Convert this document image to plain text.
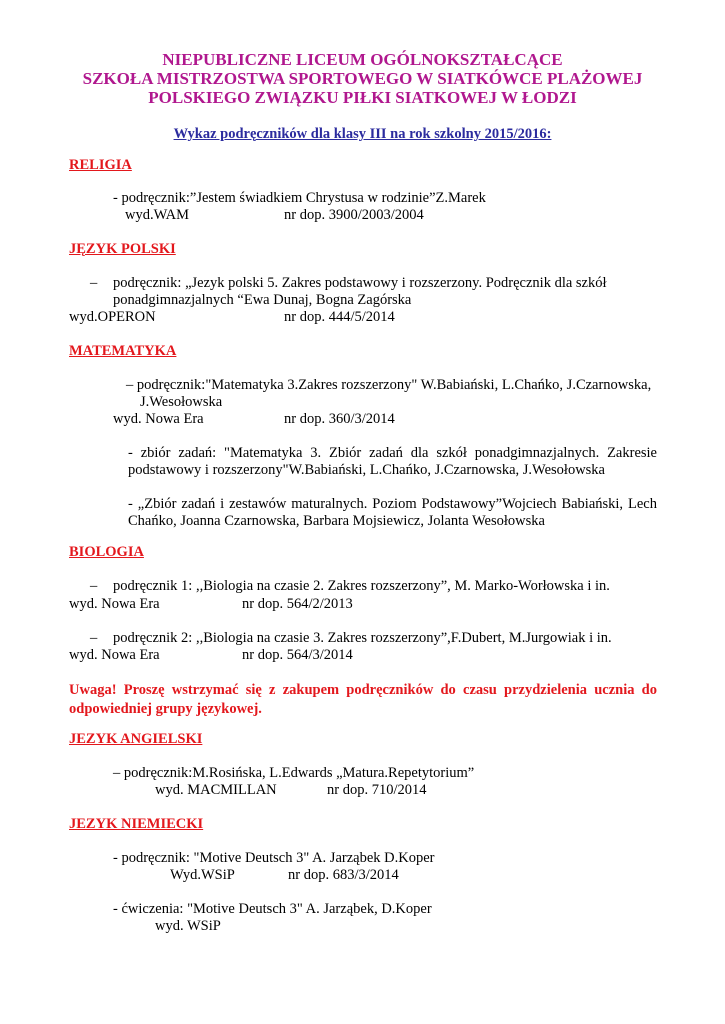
NIEPUBLICZNE LICEUM OGÓLNOKSZTAŁCĄCE
SZKOŁA MISTRZOSTWA SPORTOWEGO W SIATKÓWCE PLAŻOWEJ
POLSKIEGO ZWIĄZKU PIŁKI SIATKOWEJ W ŁODZI
Wykaz podręczników dla klasy III na rok szkolny 2015/2016:
RELIGIA
- podręcznik:”Jestem świadkiem Chrystusa w rodzinie”Z.Marek
wyd.WAM	nr dop. 3900/2003/2004
JĘZYK POLSKI
– podręcznik: „Jezyk polski 5. Zakres podstawowy i rozszerzony. Podręcznik dla szkół
ponadgimnazjalnych “Ewa Dunaj, Bogna Zagórska
wyd.OPERON	nr dop. 444/5/2014
MATEMATYKA
– podręcznik:"Matematyka 3.Zakres rozszerzony" W.Babiański, L.Chańko, J.Czarnowska,
J.Wesołowska
wyd. Nowa Era	nr dop. 360/3/2014
- zbiór zadań: "Matematyka 3. Zbiór zadań dla szkół ponadgimnazjalnych. Zakresie podstawowy i rozszerzony"W.Babiański, L.Chańko, J.Czarnowska, J.Wesołowska
- „Zbiór zadań i zestawów maturalnych. Poziom Podstawowy”Wojciech Babiański, Lech Chańko, Joanna Czarnowska, Barbara Mojsiewicz, Jolanta Wesołowska
BIOLOGIA
– podręcznik 1: ,,Biologia na czasie 2. Zakres rozszerzony”, M. Marko-Worłowska i in.
wyd. Nowa Era	nr dop. 564/2/2013
– podręcznik 2: ,,Biologia na czasie 3. Zakres rozszerzony”,F.Dubert, M.Jurgowiak i in.
wyd. Nowa Era	nr dop. 564/3/2014
Uwaga! Proszę wstrzymać się z zakupem podręczników do czasu przydzielenia ucznia do odpowiedniej grupy językowej.
JEZYK ANGIELSKI
– podręcznik:M.Rosińska, L.Edwards „Matura.Repetytorium”
wyd. MACMILLAN	nr dop. 710/2014
JEZYK NIEMIECKI
- podręcznik: "Motive Deutsch 3" A. Jarząbek D.Koper
Wyd.WSiP	nr dop. 683/3/2014
- ćwiczenia: "Motive Deutsch 3" A. Jarząbek, D.Koper
wyd. WSiP
